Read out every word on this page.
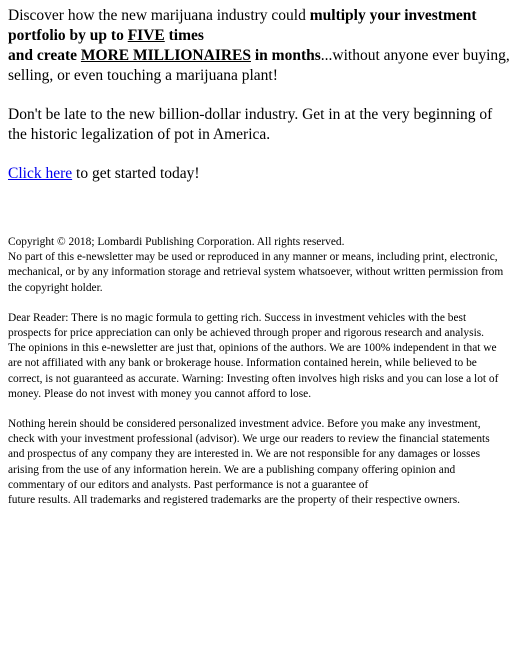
Discover how the new marijuana industry could multiply your investment portfolio by up to FIVE times
and create MORE MILLIONAIRES in months...without anyone ever buying, selling, or even touching a marijuana plant!

Don't be late to the new billion-dollar industry. Get in at the very beginning of the historic legalization of pot in America.

Click here to get started today!

Copyright © 2018; Lombardi Publishing Corporation. All rights reserved.
No part of this e-newsletter may be used or reproduced in any manner or means, including print, electronic, mechanical, or by any information storage and retrieval system whatsoever, without written permission from the copyright holder.

Dear Reader: There is no magic formula to getting rich. Success in investment vehicles with the best
prospects for price appreciation can only be achieved through proper and rigorous research and analysis.
The opinions in this e-newsletter are just that, opinions of the authors. We are 100% independent in that we
are not affiliated with any bank or brokerage house. Information contained herein, while believed to be
correct, is not guaranteed as accurate. Warning: Investing often involves high risks and you can lose a lot of money. Please do not invest with money you cannot afford to lose.

Nothing herein should be considered personalized investment advice. Before you make any investment,
check with your investment professional (advisor). We urge our readers to review the financial statements
and prospectus of any company they are interested in. We are not responsible for any damages or losses arising from the use of any information herein. We are a publishing company offering opinion and commentary of our editors and analysts. Past performance is not a guarantee of
future results. All trademarks and registered trademarks are the property of their respective owners.
